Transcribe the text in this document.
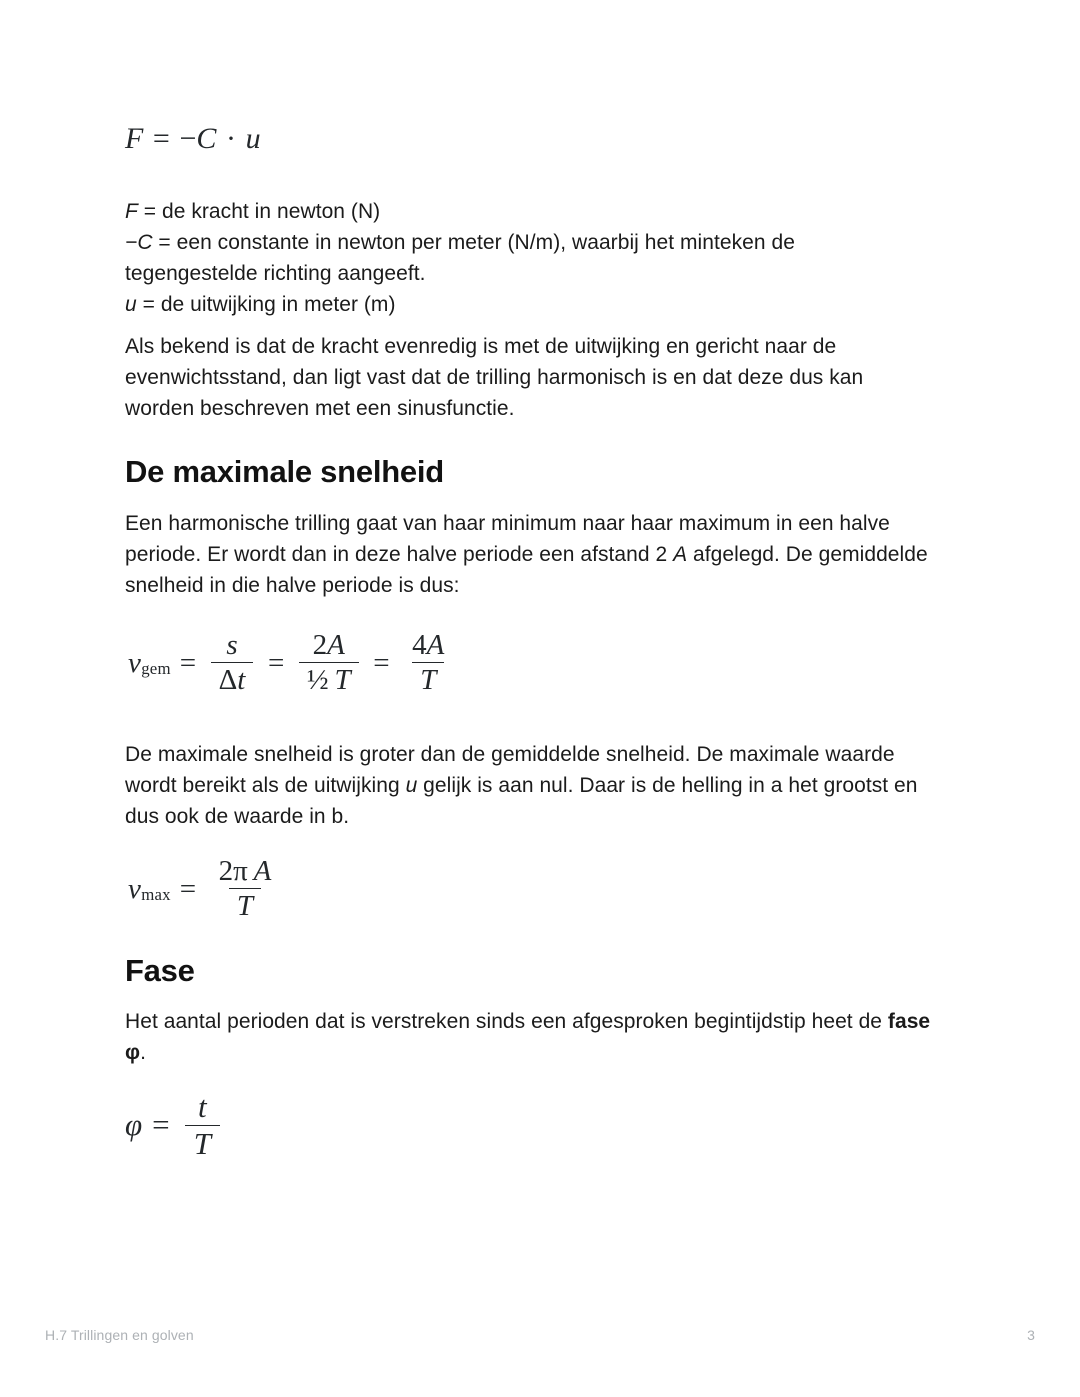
F = − C · u
F = de kracht in newton (N)
−C = een constante in newton per meter (N/m), waarbij het minteken de tegengestelde richting aangeeft.
u = de uitwijking in meter (m)

Als bekend is dat de kracht evenredig is met de uitwijking en gericht naar de evenwichtsstand, dan ligt vast dat de trilling harmonisch is en dat deze dus kan worden beschreven met een sinusfunctie.

De maximale snelheid

Een harmonische trilling gaat van haar minimum naar haar maximum in een halve periode. Er wordt dan in deze halve periode een afstand 2 A afgelegd. De gemiddelde snelheid in die halve periode is dus:

v gem = $\frac{s}{\Delta t} = \frac{2A}{\text{½  T}} = \frac{4A}{T}$

De maximale snelheid is groter dan de gemiddelde snelheid. De maximale waarde wordt bereikt als de uitwijking u gelijk is aan nul. Daar is de helling in a het grootst en dus ook de waarde in b.

v $\max = \frac{\text{2π  A}}{T}$
Fase

Het aantal perioden dat is verstreken sinds een afgesproken begintijdstip heet de fase φ.

$\varphi = \frac{t}{T}$
H.7 Trillingen en golven	3
